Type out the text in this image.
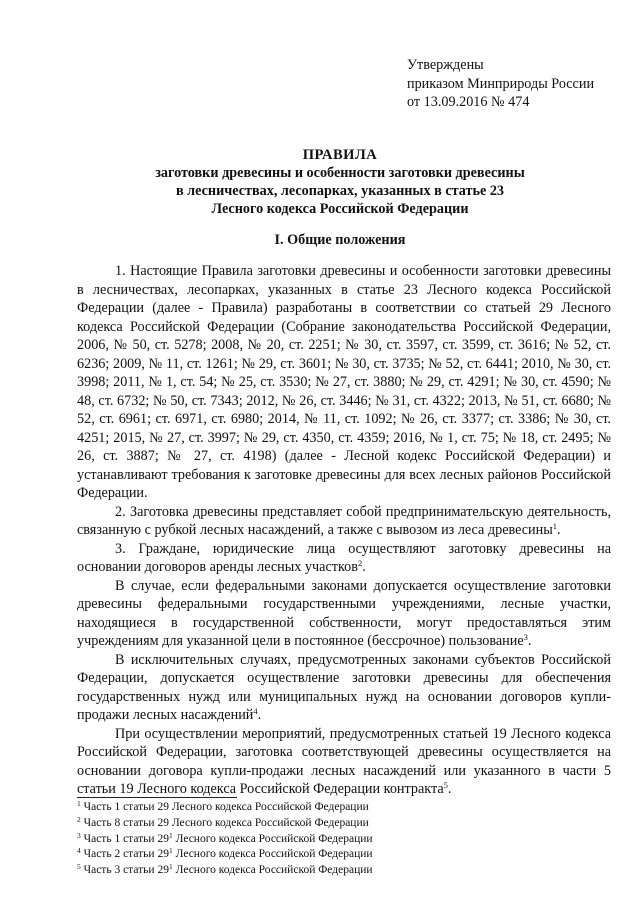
Утверждены
приказом Минприроды России
от 13.09.2016 № 474
ПРАВИЛА
заготовки древесины и особенности заготовки древесины
в лесничествах, лесопарках, указанных в статье 23
Лесного кодекса Российской Федерации
I. Общие положения

1. Настоящие Правила заготовки древесины и особенности заготовки древесины в лесничествах, лесопарках, указанных в статье 23 Лесного кодекса Российской Федерации (далее - Правила) разработаны в соответствии со статьей 29 Лесного кодекса Российской Федерации (Собрание законодательства Российской Федерации, 2006, № 50, ст. 5278; 2008, № 20, ст. 2251; № 30, ст. 3597, ст. 3599, ст. 3616; № 52, ст. 6236; 2009, № 11, ст. 1261; № 29, ст. 3601; № 30, ст. 3735; № 52, ст. 6441; 2010, № 30, ст. 3998; 2011, № 1, ст. 54; № 25, ст. 3530; № 27, ст. 3880; № 29, ст. 4291; № 30, ст. 4590; № 48, ст. 6732; № 50, ст. 7343; 2012, № 26, ст. 3446; № 31, ст. 4322; 2013, № 51, ст. 6680; № 52, ст. 6961; ст. 6971, ст. 6980; 2014, № 11, ст. 1092; № 26, ст. 3377; ст. 3386; № 30, ст. 4251; 2015, № 27, ст. 3997; № 29, ст. 4350, ст. 4359; 2016, № 1, ст. 75; № 18, ст. 2495; № 26, ст. 3887; № 27, ст. 4198) (далее - Лесной кодекс Российской Федерации) и устанавливают требования к заготовке древесины для всех лесных районов Российской Федерации.

2. Заготовка древесины представляет собой предпринимательскую деятельность, связанную с рубкой лесных насаждений, а также с вывозом из леса древесины$^1$.

3. Граждане, юридические лица осуществляют заготовку древесины на основании договоров аренды лесных участков$^2$.

В случае, если федеральными законами допускается осуществление заготовки древесины федеральными государственными учреждениями, лесные участки, находящиеся в государственной собственности, могут предоставляться этим учреждениям для указанной цели в постоянное (бессрочное) пользование$^3$.

В исключительных случаях, предусмотренных законами субъектов Российской Федерации, допускается осуществление заготовки древесины для обеспечения государственных нужд или муниципальных нужд на основании договоров купли-продажи лесных насаждений$^4$.

При осуществлении мероприятий, предусмотренных статьей 19 Лесного кодекса Российской Федерации, заготовка соответствующей древесины осуществляется на основании договора купли-продажи лесных насаждений или указанного в части 5 статьи 19 Лесного кодекса Российской Федерации контракта$^5$.

$^1$ Часть 1 статьи 29 Лесного кодекса Российской Федерации
$^2$ Часть 8 статьи 29 Лесного кодекса Российской Федерации
$^3$ Часть 1 статьи $29^1$ Лесного кодекса Российской Федерации
$^4$ Часть 2 статьи $29^1$ Лесного кодекса Российской Федерации
$^5$ Часть 3 статьи $29^1$ Лесного кодекса Российской Федерации
